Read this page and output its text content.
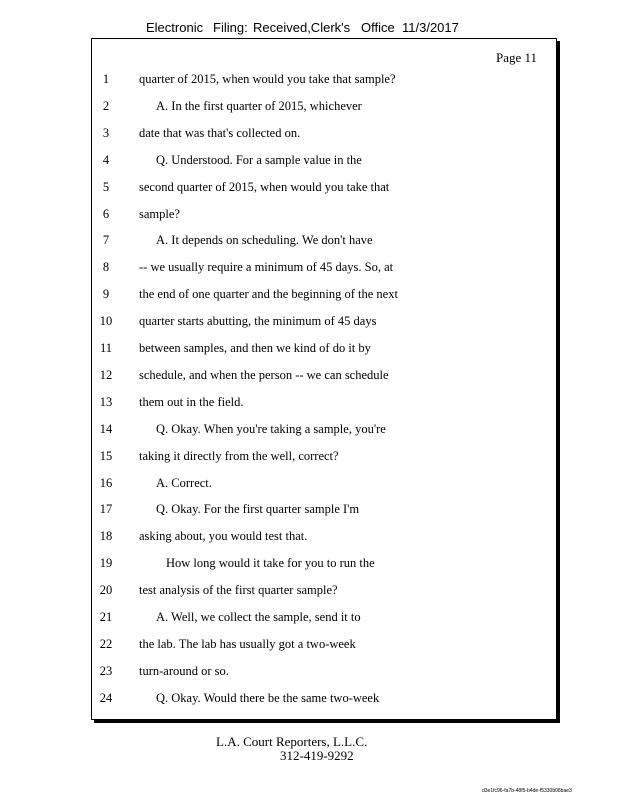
Electronic Filing: Received,Clerk's Office 11/3/2017
Page 11
1	quarter of 2015, when would you take that sample?
2	A. In the first quarter of 2015, whichever
3	date that was that's collected on.
4	Q. Understood. For a sample value in the
5	second quarter of 2015, when would you take that
6	sample?
7	A. It depends on scheduling. We don't have
8	-- we usually require a minimum of 45 days. So, at
9	the end of one quarter and the beginning of the next
10	quarter starts abutting, the minimum of 45 days
11	between samples, and then we kind of do it by
12	schedule, and when the person -- we can schedule
13	them out in the field.
14	Q. Okay. When you're taking a sample, you're
15	taking it directly from the well, correct?
16	A. Correct.
17	Q. Okay. For the first quarter sample I'm
18	asking about, you would test that.
19	How long would it take for you to run the
20	test analysis of the first quarter sample?
21	A. Well, we collect the sample, send it to
22	the lab. The lab has usually got a two-week
23	turn-around or so.
24	Q. Okay. Would there be the same two-week
L.A. Court Reporters, L.L.C.
312-419-9292
d3e1fc96-fa7b-48f5-b4de-f5330b08bae3
